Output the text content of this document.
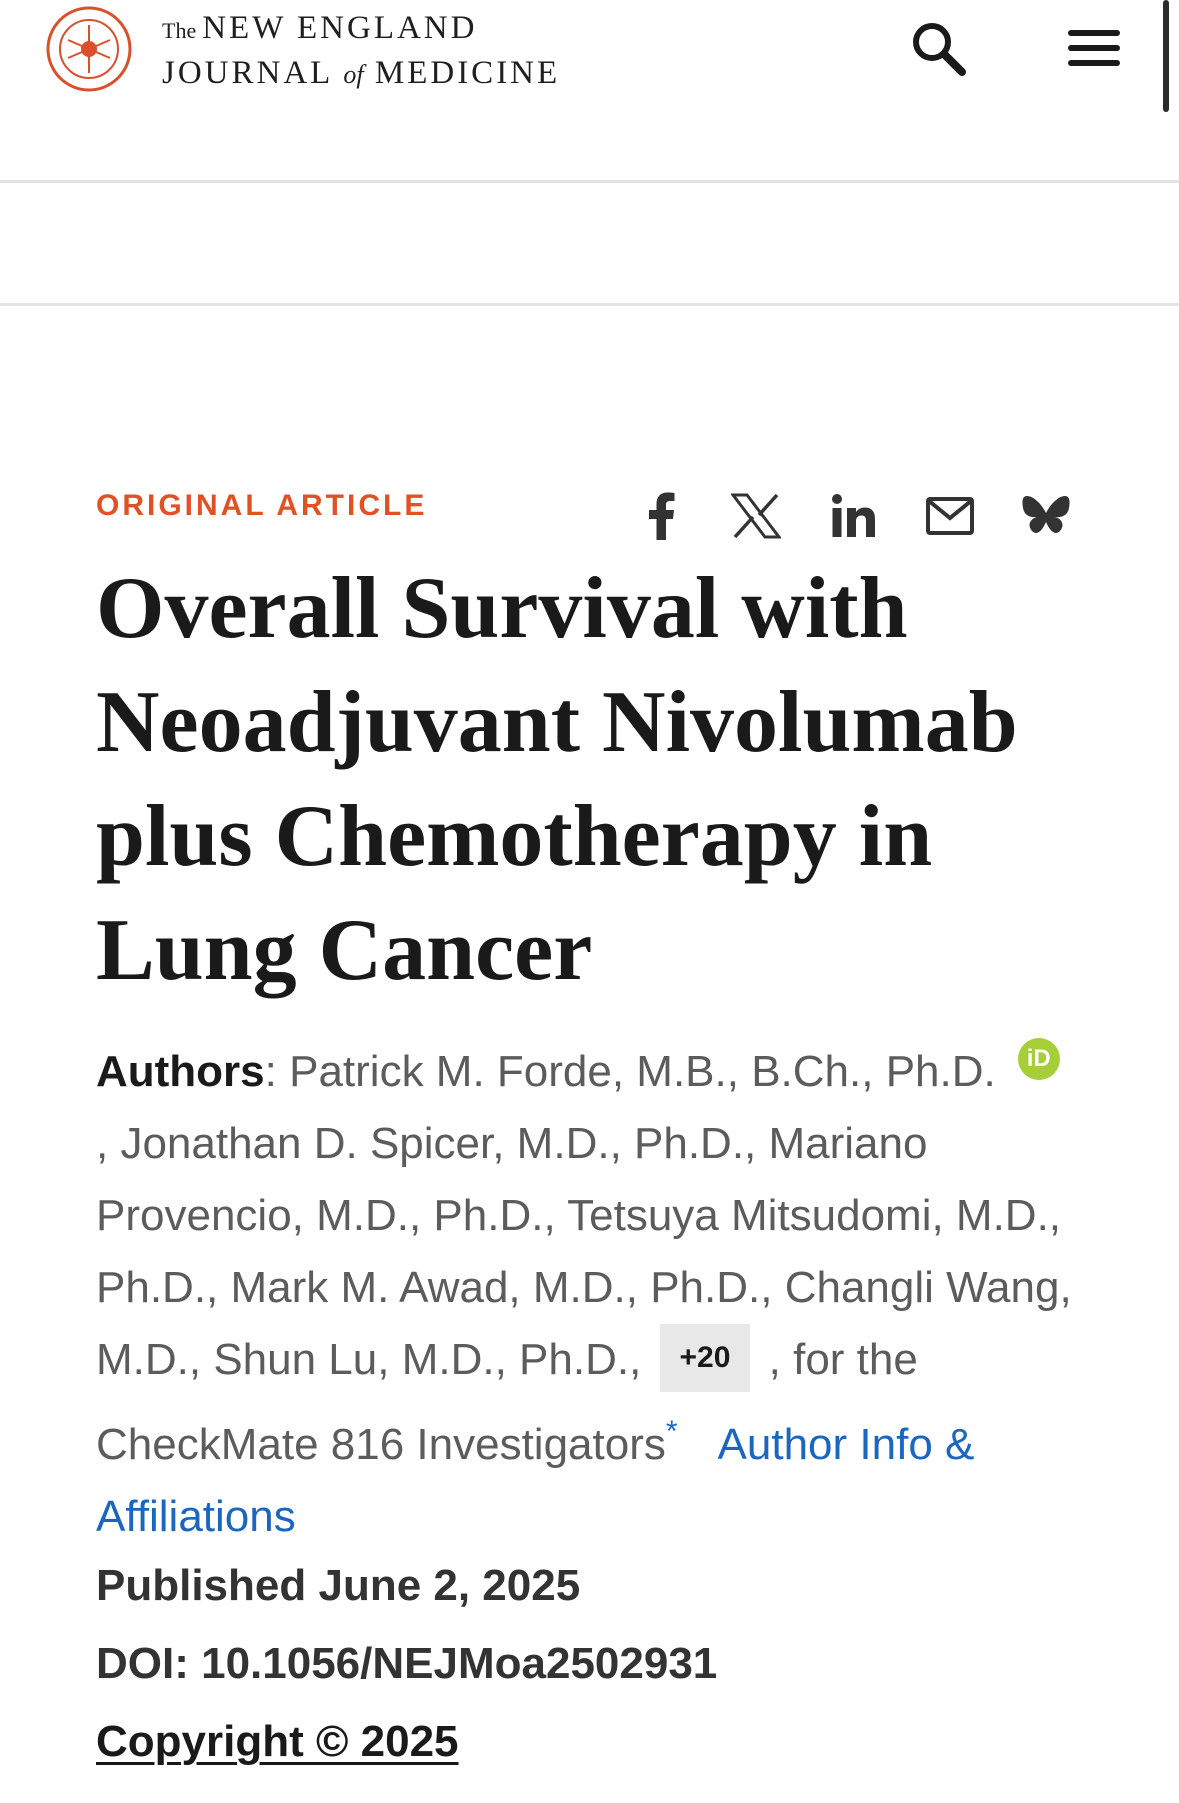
The NEW ENGLAND
JOURNAL of MEDICINE
ORIGINAL ARTICLE
Overall Survival with Neoadjuvant Nivolumab plus Chemotherapy in Lung Cancer
Authors: Patrick M. Forde, M.B., B.Ch., Ph.D. iD , Jonathan D. Spicer, M.D., Ph.D., Mariano Provencio, M.D., Ph.D., Tetsuya Mitsudomi, M.D., Ph.D., Mark M. Awad, M.D., Ph.D., Changli Wang, M.D., Shun Lu, M.D., Ph.D., +20 , for the CheckMate 816 Investigators* Author Info & Affiliations
Published June 2, 2025
DOI: 10.1056/NEJMoa2502931
Copyright © 2025
